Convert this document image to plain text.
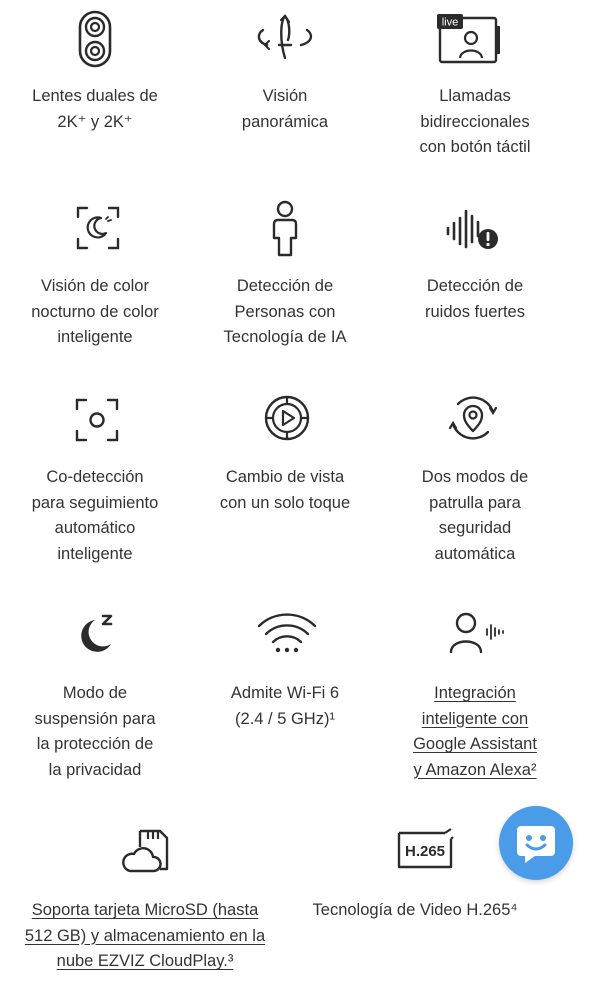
Lentes duales de
2K⁺ y 2K⁺
Visión
panorámica
live
Llamadas
bidireccionales
con botón táctil
Visión de color
nocturno de color
inteligente
Detección de
Personas con
Tecnología de IA
Detección de
ruidos fuertes
Co-detección
para seguimiento
automático
inteligente
Cambio de vista
con un solo toque
Dos modos de
patrulla para
seguridad
automática
Modo de
suspensión para
la protección de
la privacidad
Admite Wi-Fi 6
(2.4 / 5 GHz)¹
Integración
inteligente con
Google Assistant
y Amazon Alexa²
Soporta tarjeta MicroSD (hasta
512 GB) y almacenamiento en la
nube EZVIZ CloudPlay.³
H.265
Tecnología de Video H.265⁴
